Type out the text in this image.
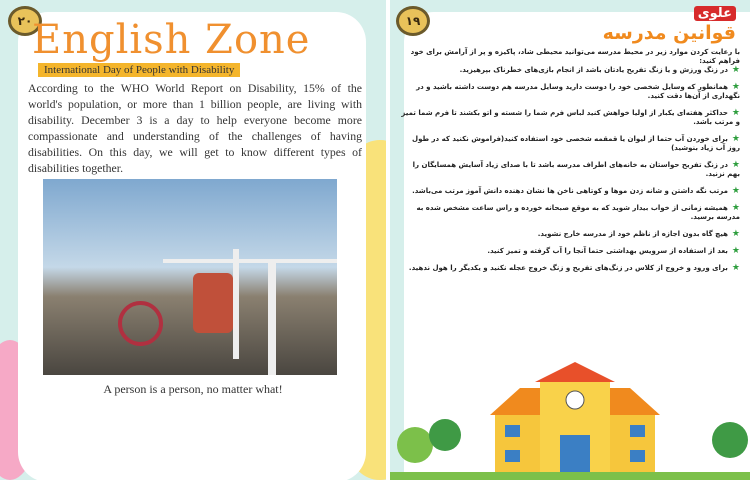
۲۰ English Zone
International Day of People with Disability
According to the WHO World Report on Disability, 15% of the world's population, or more than 1 billion people, are living with disability. December 3 is a day to help everyone become more compassionate and understanding of the challenges of having disabilities. On this day, we will get to know different types of disabilities together.
A person is a person, no matter what!
۱۹	علوی
قوانین مدرسه
با رعایت کردن موارد زیر در محیط مدرسه می‌توانید محیطی شاد، پاکیزه و پر از آرامش برای خود فراهم کنید:
★در زنگ ورزش و یا زنگ تفریح یادتان باشد از انجام بازی‌های خطرناک بپرهیزید.
★همانطور که وسایل شخصی خود را دوست دارید وسایل مدرسه هم دوست داشته باشید و در نگهداری از آن‌ها دقت کنید.
★حداکثر هفته‌ای یکبار از اولیا خواهش کنید لباس فرم شما را شسته و اتو بکشند تا فرم شما تمیز و مرتب باشد.
★برای خوردن آب حتما از لیوان یا قمقمه شخصی خود استفاده کنید(فراموش نکنید که در طول روز آب زیاد بنوشید)
★در زنگ تفریح حواستان به خانه‌های اطراف مدرسه باشد تا با صدای زیاد آسایش همسایگان را بهم نزنید.
★مرتب نگه داشتن و شانه زدن موها و کوتاهی ناخن ها نشان دهنده دانش آموز مرتب می‌باشد.
★همیشه زمانی از خواب بیدار شوید که به موقع صبحانه خورده و راس ساعت مشخص شده به مدرسه برسید.
★هیچ گاه بدون اجازه از ناظم خود از مدرسه خارج نشوید.
★بعد از استفاده از سرویس بهداشتی حتما آنجا را آب گرفته و تمیز کنید.
★برای ورود و خروج از کلاس در زنگ‌های تفریح و زنگ خروج عجله نکنید و یکدیگر را هول ندهید.
